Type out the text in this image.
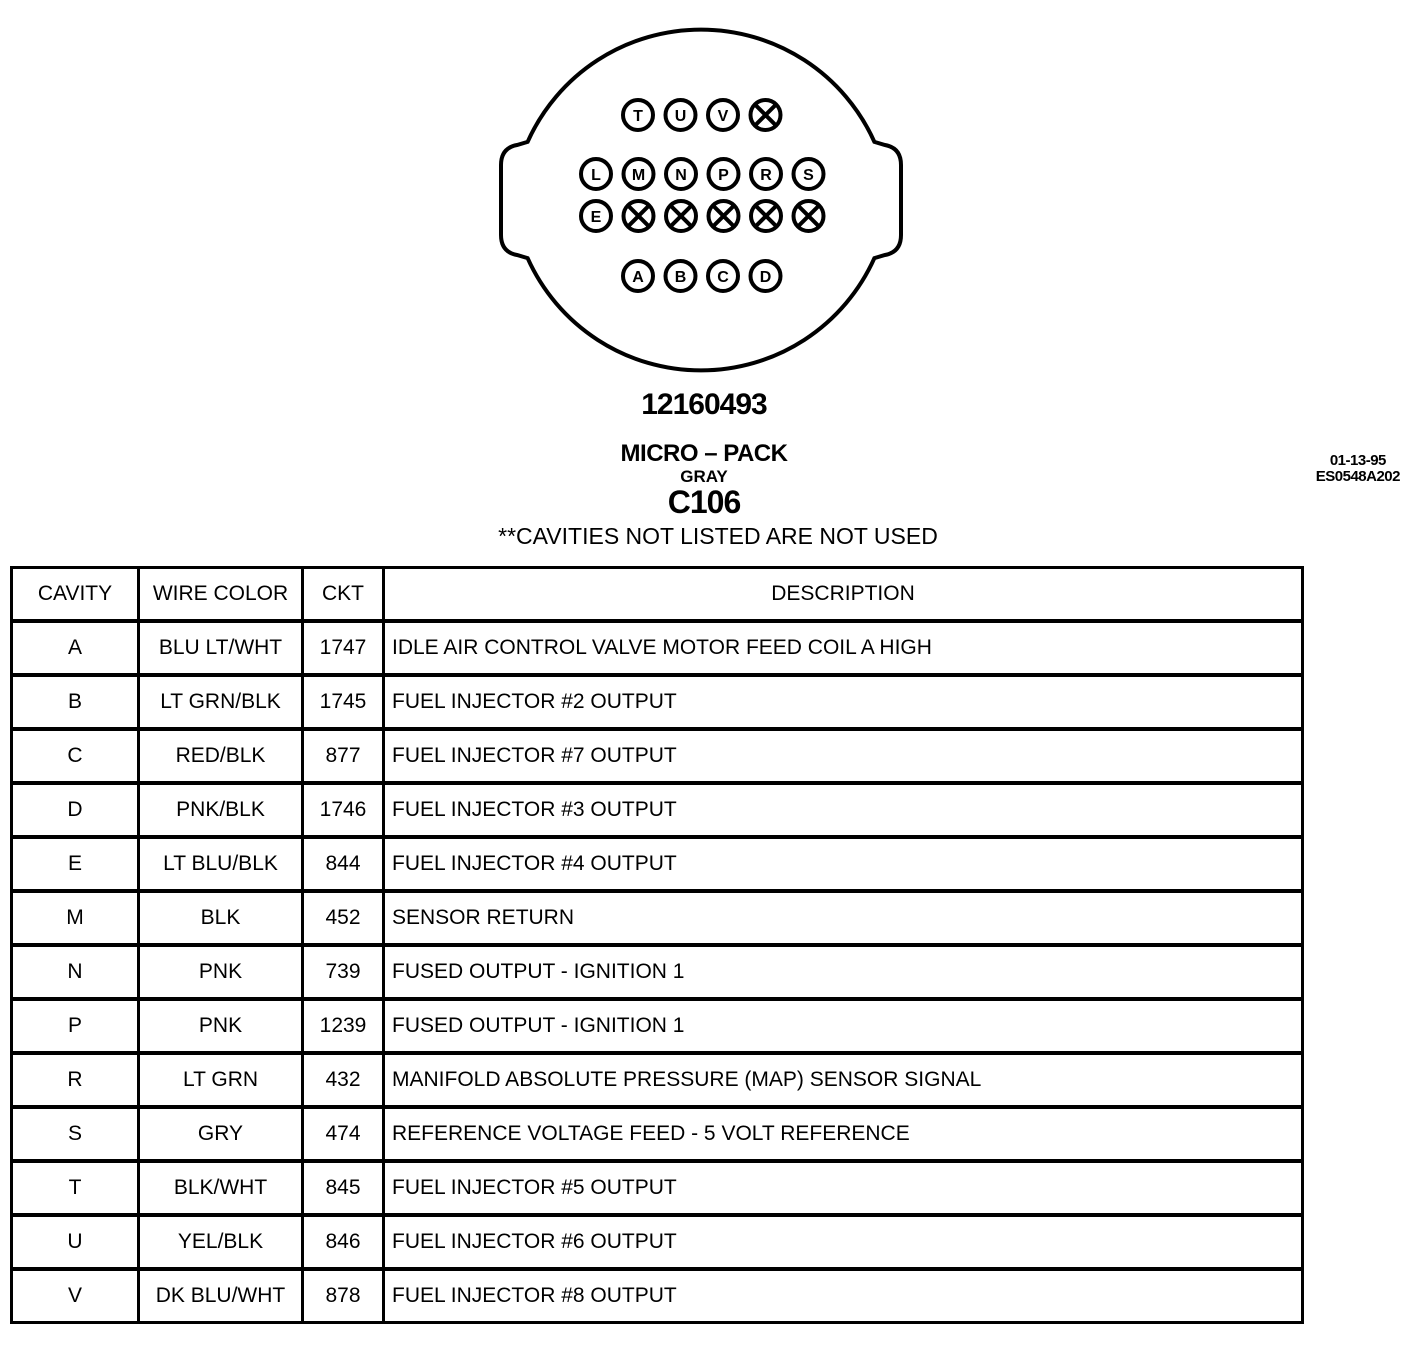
T U V
L M N P R S
E
A B C D
12160493
MICRO – PACK
GRAY
C106
**CAVITIES NOT LISTED ARE NOT USED
01-13-95
ES0548A202
CAVITY	WIRE COLOR	CKT	DESCRIPTION
A	BLU LT/WHT	1747	IDLE AIR CONTROL VALVE MOTOR FEED COIL A HIGH
B	LT GRN/BLK	1745	FUEL INJECTOR #2 OUTPUT
C	RED/BLK	877	FUEL INJECTOR #7 OUTPUT
D	PNK/BLK	1746	FUEL INJECTOR #3 OUTPUT
E	LT BLU/BLK	844	FUEL INJECTOR #4 OUTPUT
M	BLK	452	SENSOR RETURN
N	PNK	739	FUSED OUTPUT - IGNITION 1
P	PNK	1239	FUSED OUTPUT - IGNITION 1
R	LT GRN	432	MANIFOLD ABSOLUTE PRESSURE (MAP) SENSOR SIGNAL
S	GRY	474	REFERENCE VOLTAGE FEED - 5 VOLT REFERENCE
T	BLK/WHT	845	FUEL INJECTOR #5 OUTPUT
U	YEL/BLK	846	FUEL INJECTOR #6 OUTPUT
V	DK BLU/WHT	878	FUEL INJECTOR #8 OUTPUT
